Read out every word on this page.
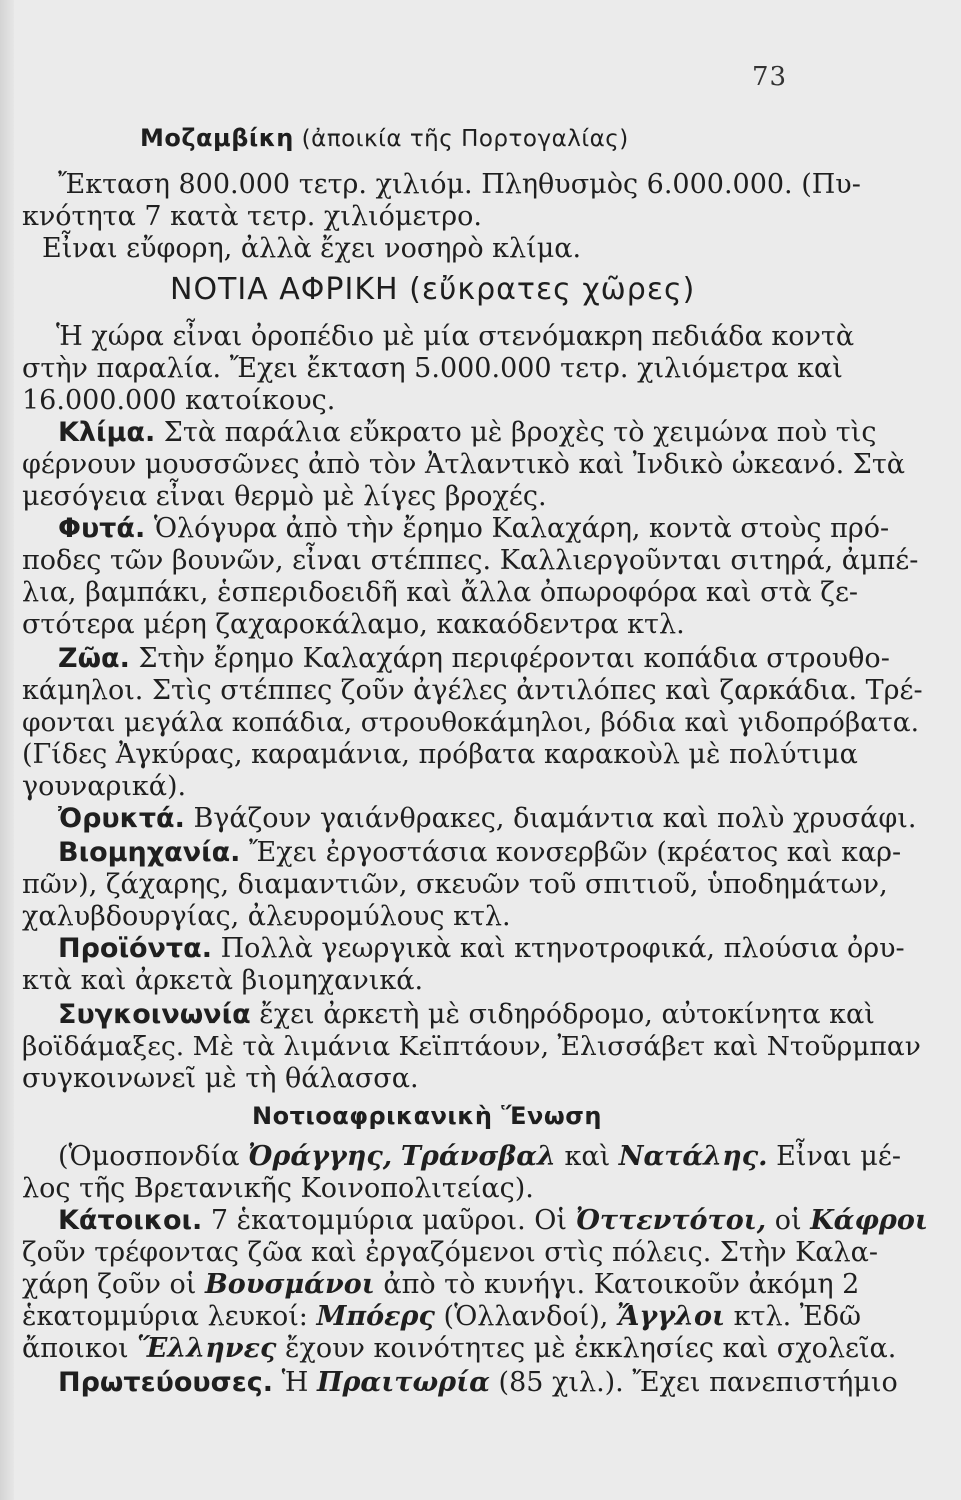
73
Μοζαμβίκη (ἀποικία τῆς Πορτογαλίας)
Ἔκταση 800.000 τετρ. χιλιόμ. Πληθυσμὸς 6.000.000. (Πυ-
κνότητα 7 κατὰ τετρ. χιλιόμετρο.
Εἶναι εὔφορη, ἀλλὰ ἔχει νοσηρὸ κλίμα.
ΝΟΤΙΑ ΑΦΡΙΚΗ (εὔκρατες χῶρες)
Ἡ χώρα εἶναι ὀροπέδιο μὲ μία στενόμακρη πεδιάδα κοντὰ
στὴν παραλία. Ἔχει ἔκταση 5.000.000 τετρ. χιλιόμετρα καὶ
16.000.000 κατοίκους.
Κλίμα. Στὰ παράλια εὔκρατο μὲ βροχὲς τὸ χειμώνα ποὺ τὶς
φέρνουν μουσσῶνες ἀπὸ τὸν Ἀτλαντικὸ καὶ Ἰνδικὸ ὠκεανό. Στὰ
μεσόγεια εἶναι θερμὸ μὲ λίγες βροχές.
Φυτά. Ὁλόγυρα ἀπὸ τὴν ἔρημο Καλαχάρη, κοντὰ στοὺς πρό-
ποδες τῶν βουνῶν, εἶναι στέππες. Καλλιεργοῦνται σιτηρά, ἀμπέ-
λια, βαμπάκι, ἑσπεριδοειδῆ καὶ ἄλλα ὀπωροφόρα καὶ στὰ ζε-
στότερα μέρη ζαχαροκάλαμο, κακαόδεντρα κτλ.
Ζῶα. Στὴν ἔρημο Καλαχάρη περιφέρονται κοπάδια στρουθο-
κάμηλοι. Στὶς στέππες ζοῦν ἀγέλες ἀντιλόπες καὶ ζαρκάδια. Τρέ-
φονται μεγάλα κοπάδια, στρουθοκάμηλοι, βόδια καὶ γιδοπρόβατα.
(Γίδες Ἀγκύρας, καραμάνια, πρόβατα καρακοὺλ μὲ πολύτιμα
γουναρικά).
Ὀρυκτά. Βγάζουν γαιάνθρακες, διαμάντια καὶ πολὺ χρυσάφι.
Βιομηχανία. Ἔχει ἐργοστάσια κονσερβῶν (κρέατος καὶ καρ-
πῶν), ζάχαρης, διαμαντιῶν, σκευῶν τοῦ σπιτιοῦ, ὑποδημάτων,
χαλυβδουργίας, ἀλευρομύλους κτλ.
Προϊόντα. Πολλὰ γεωργικὰ καὶ κτηνοτροφικά, πλούσια ὀρυ-
κτὰ καὶ ἀρκετὰ βιομηχανικά.
Συγκοινωνία ἔχει ἀρκετὴ μὲ σιδηρόδρομο, αὐτοκίνητα καὶ
βοϊδάμαξες. Μὲ τὰ λιμάνια Κεϊπτάουν, Ἐλισσάβετ καὶ Ντοῦρμπαν
συγκοινωνεῖ μὲ τὴ θάλασσα.
Νοτιοαφρικανικὴ Ἕνωση
(Ὁμοσπονδία Ὀράγγης, Τράνσβαλ καὶ Νατάλης. Εἶναι μέ-
λος τῆς Βρετανικῆς Κοινοπολιτείας).
Κάτοικοι. 7 ἑκατομμύρια μαῦροι. Οἱ Ὀττεντότοι, οἱ Κάφροι
ζοῦν τρέφοντας ζῶα καὶ ἐργαζόμενοι στὶς πόλεις. Στὴν Καλα-
χάρη ζοῦν οἱ Βουσμάνοι ἀπὸ τὸ κυνήγι. Κατοικοῦν ἀκόμη 2
ἑκατομμύρια λευκοί: Μπόερς (Ὁλλανδοί), Ἄγγλοι κτλ. Ἐδῶ
ἄποικοι Ἕλληνες ἔχουν κοινότητες μὲ ἐκκλησίες καὶ σχολεῖα.
Πρωτεύουσες. Ἡ Πραιτωρία (85 χιλ.). Ἔχει πανεπιστήμιο
